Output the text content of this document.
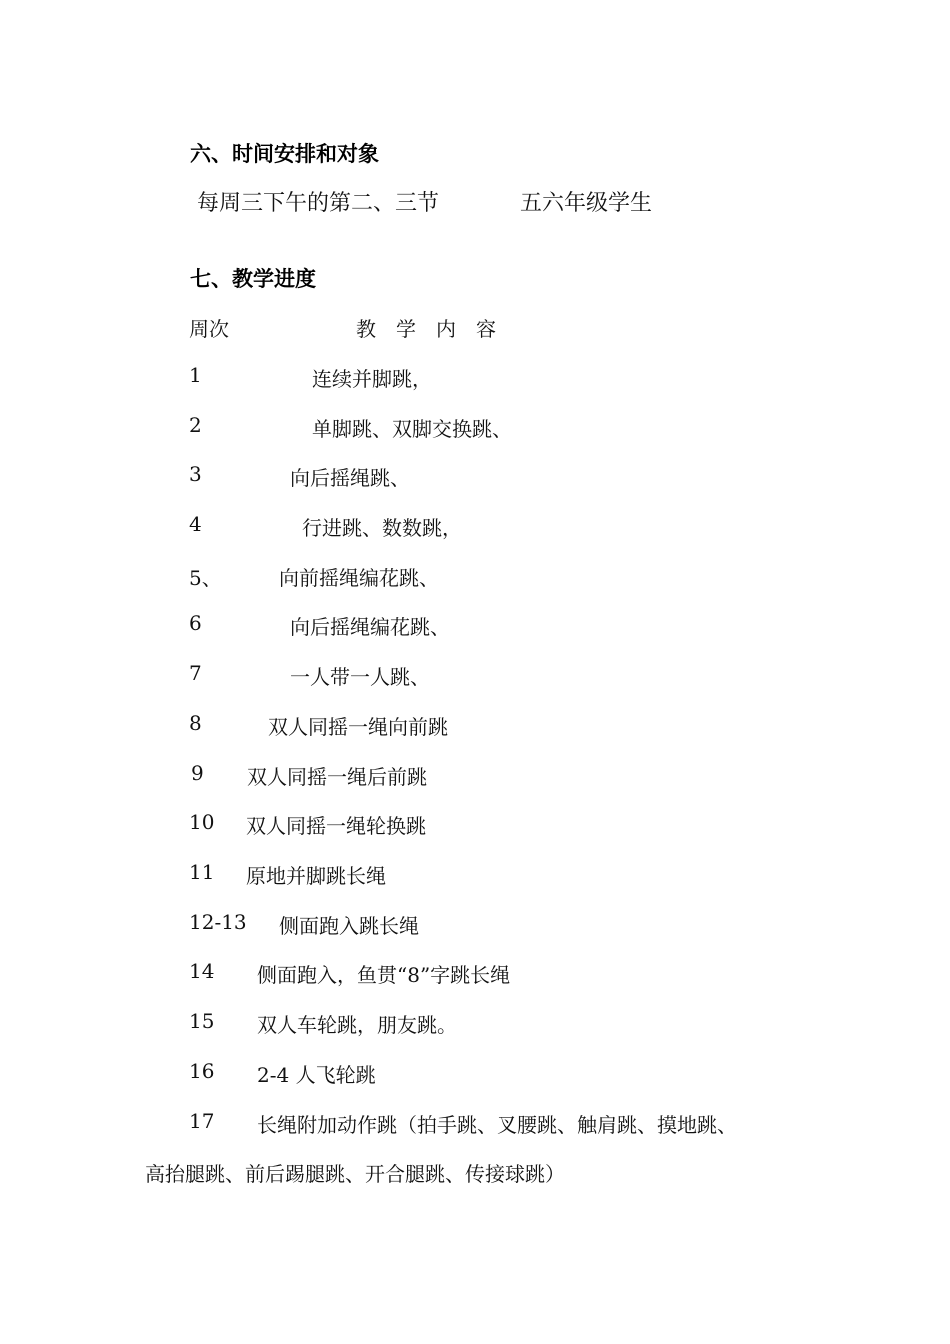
六、时间安排和对象
每周三下午的第二、三节	五六年级学生
七、教学进度
周次	教　学　内　容
1	连续并脚跳，
2	单脚跳、双脚交换跳、
3	向后摇绳跳、
4	行进跳、数数跳，
5、	向前摇绳编花跳、
6	向后摇绳编花跳、
7	一人带一人跳、
8	双人同摇一绳向前跳
9 双人同摇一绳后前跳
10 双人同摇一绳轮换跳
11 原地并脚跳长绳
12-13 侧面跑入跳长绳
14 侧面跑入，鱼贯“8”字跳长绳
15 双人车轮跳，朋友跳。
16 2-4 人飞轮跳
17 长绳附加动作跳（拍手跳、叉腰跳、触肩跳、摸地跳、
高抬腿跳、前后踢腿跳、开合腿跳、传接球跳）
